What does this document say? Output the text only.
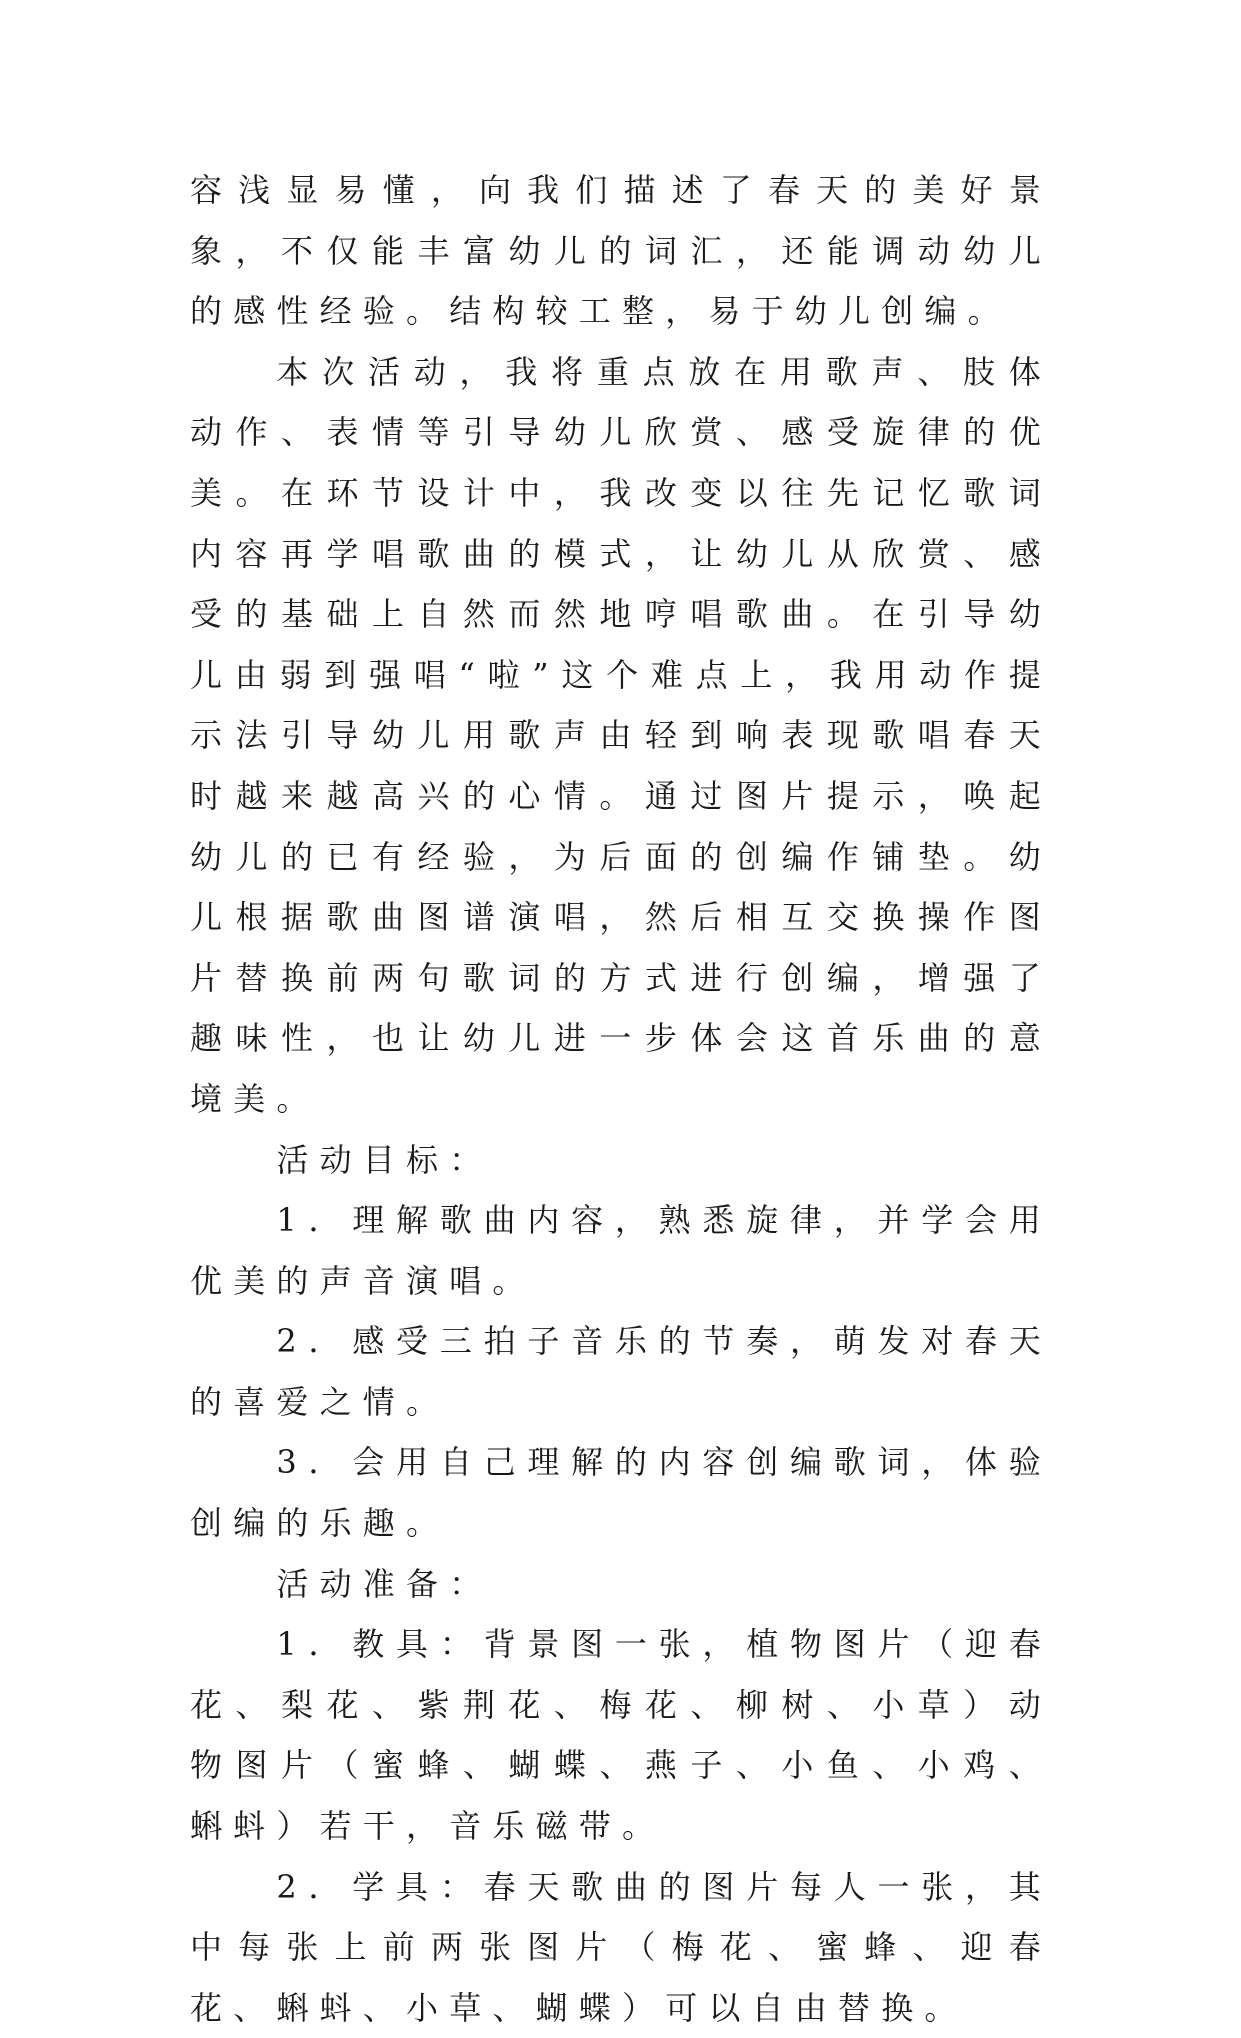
容浅显易懂，向我们描述了春天的美好景象，不仅能丰富幼儿的词汇，还能调动幼儿的感性经验。结构较工整，易于幼儿创编。

本次活动，我将重点放在用歌声、肢体动作、表情等引导幼儿欣赏、感受旋律的优美。在环节设计中，我改变以往先记忆歌词内容再学唱歌曲的模式，让幼儿从欣赏、感受的基础上自然而然地哼唱歌曲。在引导幼儿由弱到强唱“啦”这个难点上，我用动作提示法引导幼儿用歌声由轻到响表现歌唱春天时越来越高兴的心情。通过图片提示，唤起幼儿的已有经验，为后面的创编作铺垫。幼儿根据歌曲图谱演唱，然后相互交换操作图片替换前两句歌词的方式进行创编，增强了趣味性，也让幼儿进一步体会这首乐曲的意境美。

活动目标：

1．理解歌曲内容，熟悉旋律，并学会用优美的声音演唱。

2．感受三拍子音乐的节奏，萌发对春天的喜爱之情。

3．会用自己理解的内容创编歌词，体验创编的乐趣。

活动准备：

1．教具：背景图一张，植物图片（迎春花、梨花、紫荆花、梅花、柳树、小草）动物图片（蜜蜂、蝴蝶、燕子、小鱼、小鸡、蝌蚪）若干，音乐磁带。

2．学具：春天歌曲的图片每人一张，其中每张上前两张图片（梅花、蜜蜂、迎春花、蝌蚪、小草、蝴蝶）可以自由替换。
